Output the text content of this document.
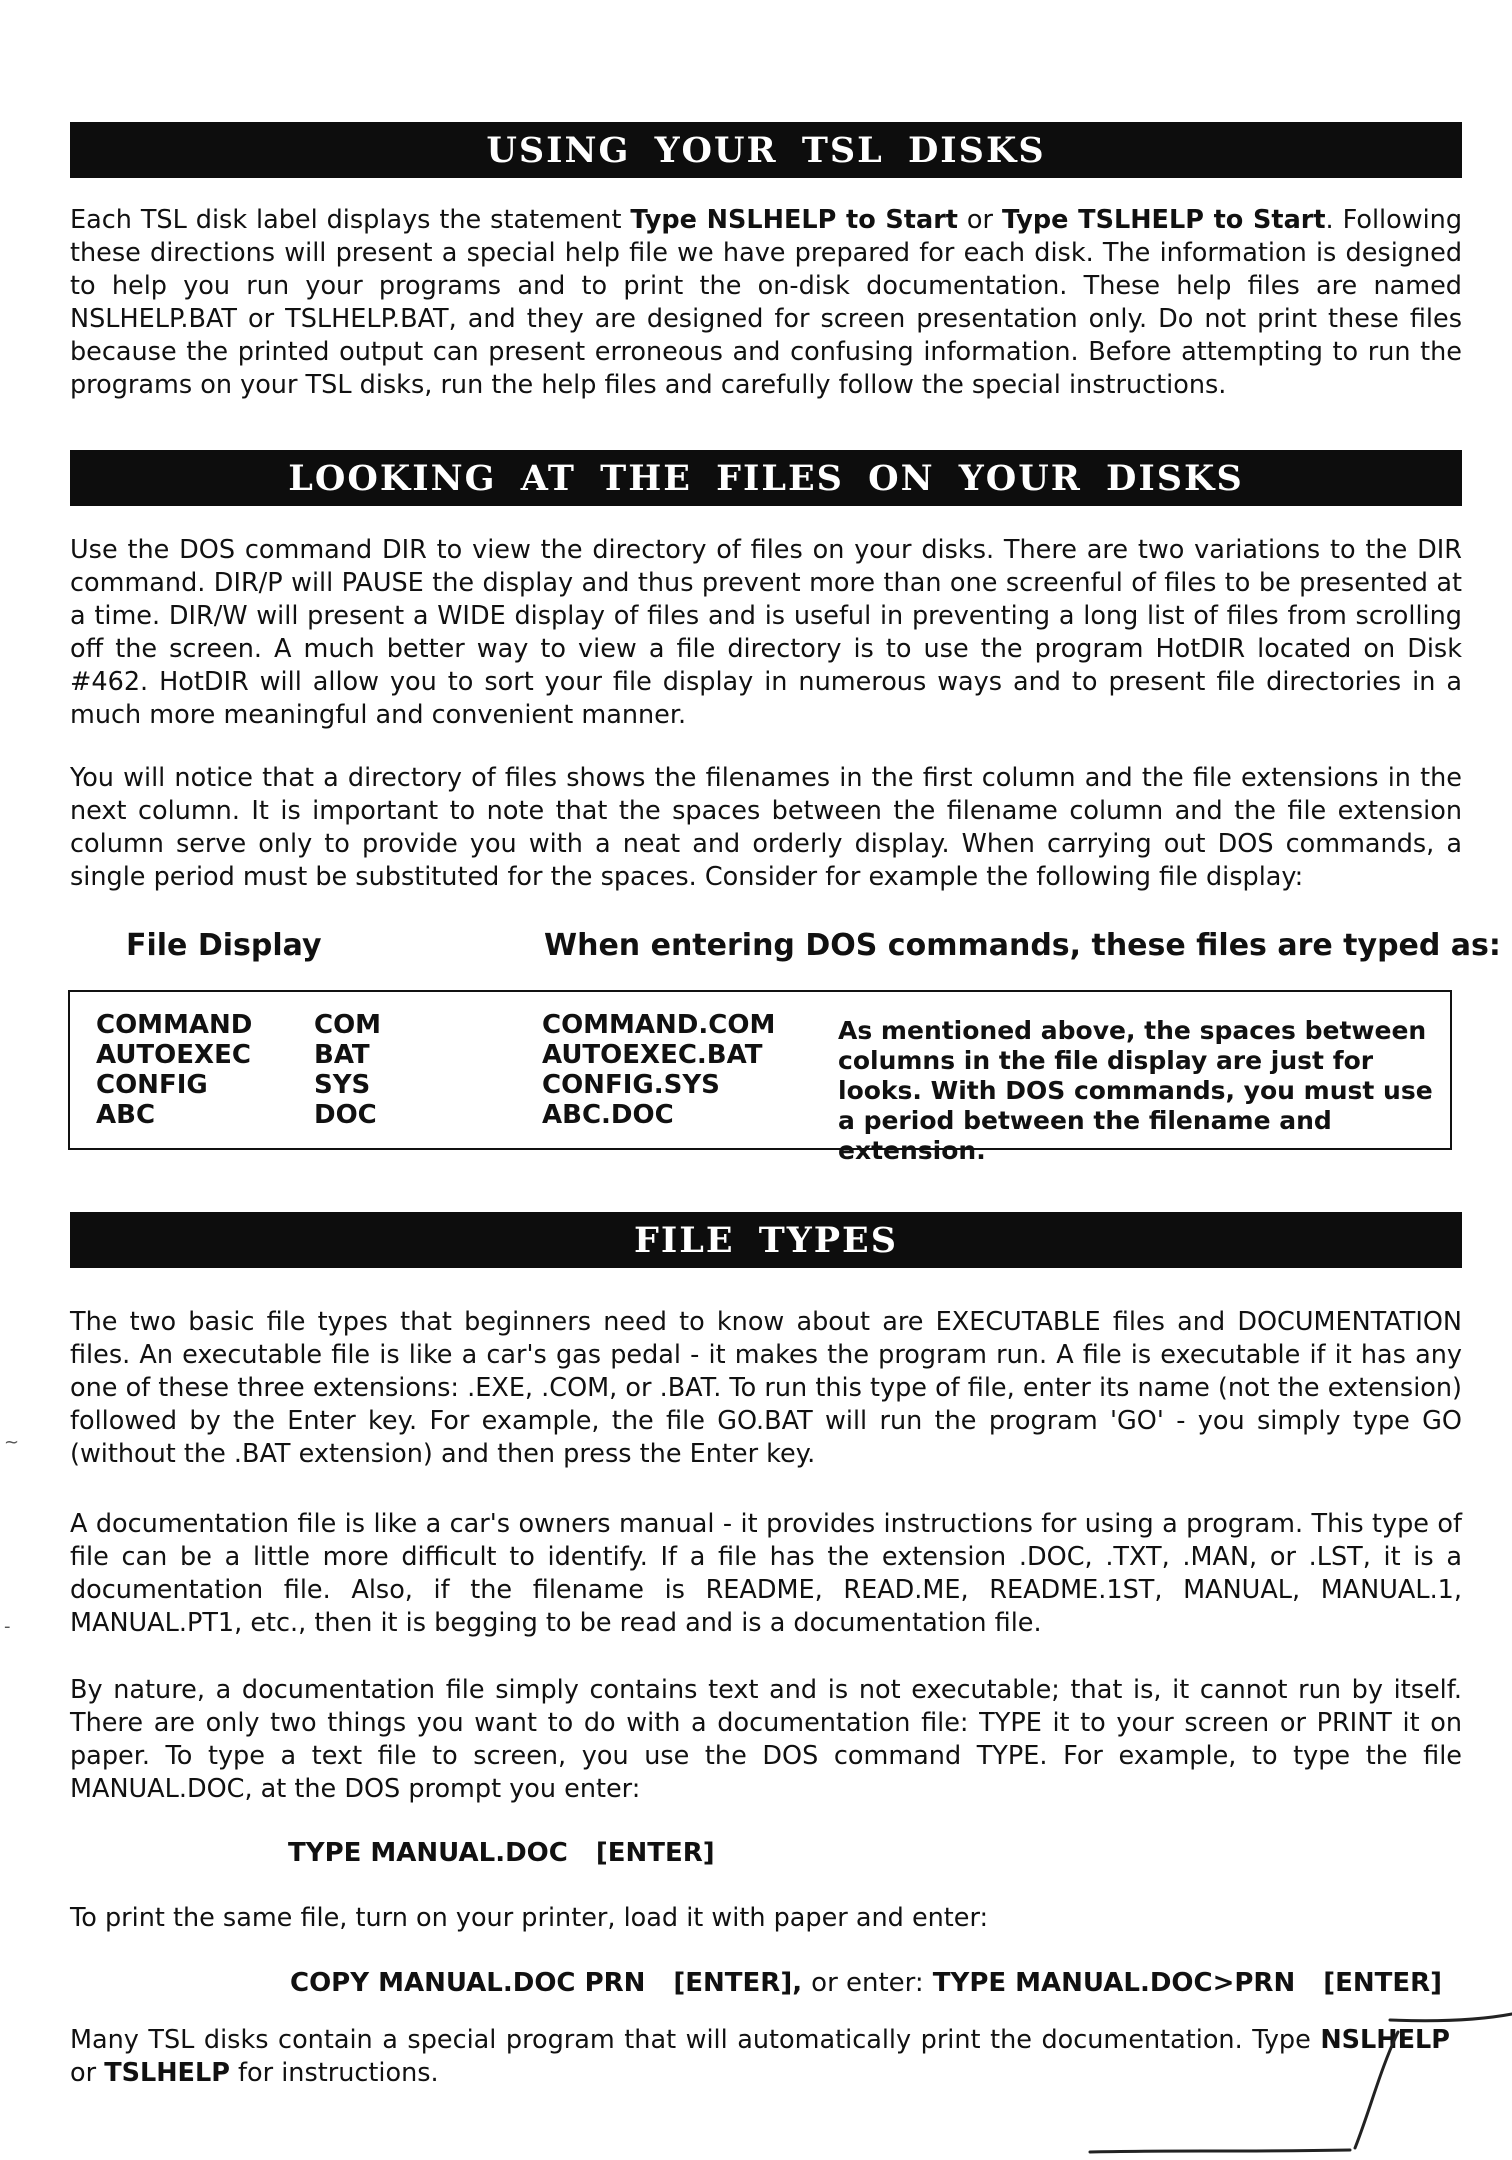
USING YOUR TSL DISKS

Each TSL disk label displays the statement Type NSLHELP to Start or Type TSLHELP to Start. Following these directions will present a special help file we have prepared for each disk. The information is designed to help you run your programs and to print the on-disk documentation. These help files are named NSLHELP.BAT or TSLHELP.BAT, and they are designed for screen presentation only. Do not print these files because the printed output can present erroneous and confusing information. Before attempting to run the programs on your TSL disks, run the help files and carefully follow the special instructions.

LOOKING AT THE FILES ON YOUR DISKS

Use the DOS command DIR to view the directory of files on your disks. There are two variations to the DIR command. DIR/P will PAUSE the display and thus prevent more than one screenful of files to be presented at a time. DIR/W will present a WIDE display of files and is useful in preventing a long list of files from scrolling off the screen. A much better way to view a file directory is to use the program HotDIR located on Disk #462. HotDIR will allow you to sort your file display in numerous ways and to present file directories in a much more meaningful and convenient manner.

You will notice that a directory of files shows the filenames in the first column and the file extensions in the next column. It is important to note that the spaces between the filename column and the file extension column serve only to provide you with a neat and orderly display. When carrying out DOS commands, a single period must be substituted for the spaces. Consider for example the following file display:

File Display	When entering DOS commands, these files are typed as:
COMMAND
AUTOEXEC
CONFIG
ABC
COM
BAT
SYS
DOC
COMMAND.COM
AUTOEXEC.BAT
CONFIG.SYS
ABC.DOC
As mentioned above, the spaces between columns in the file display are just for looks. With DOS commands, you must use a period between the filename and extension.
FILE TYPES

The two basic file types that beginners need to know about are EXECUTABLE files and DOCUMENTATION files. An executable file is like a car's gas pedal - it makes the program run. A file is executable if it has any one of these three extensions: .EXE, .COM, or .BAT. To run this type of file, enter its name (not the extension) followed by the Enter key. For example, the file GO.BAT will run the program 'GO' - you simply type GO (without the .BAT extension) and then press the Enter key.

A documentation file is like a car's owners manual - it provides instructions for using a program. This type of file can be a little more difficult to identify. If a file has the extension .DOC, .TXT, .MAN, or .LST, it is a documentation file. Also, if the filename is README, READ.ME, README.1ST, MANUAL, MANUAL.1, MANUAL.PT1, etc., then it is begging to be read and is a documentation file.

By nature, a documentation file simply contains text and is not executable; that is, it cannot run by itself. There are only two things you want to do with a documentation file: TYPE it to your screen or PRINT it on paper. To type a text file to screen, you use the DOS command TYPE. For example, to type the file MANUAL.DOC, at the DOS prompt you enter:

TYPE MANUAL.DOC [ENTER]

To print the same file, turn on your printer, load it with paper and enter:

COPY MANUAL.DOC PRN [ENTER], or enter: TYPE MANUAL.DOC>PRN [ENTER]

Many TSL disks contain a special program that will automatically print the documentation. Type NSLHELP or TSLHELP for instructions.

~
-
